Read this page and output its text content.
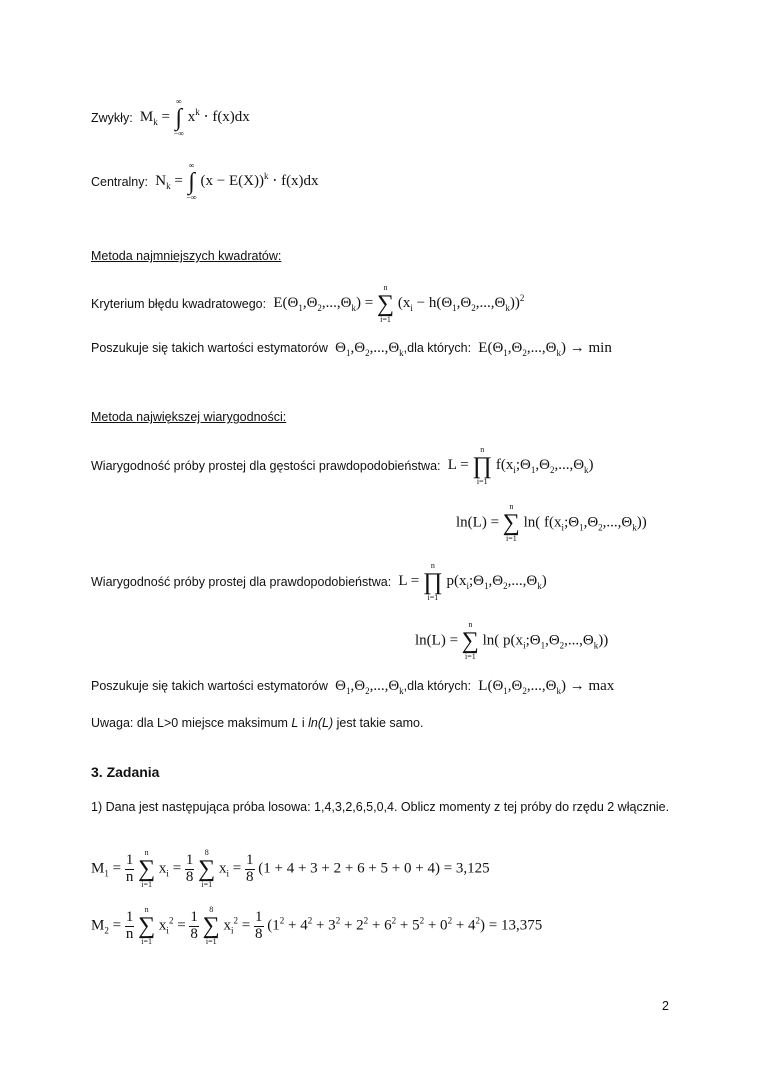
Zwykły:  $M_k$ =
∞
∫
−∞
$x^k \cdot f(x)dx$
Centralny:  $N_k$ =
∞
∫
−∞
$(x - E(X))^k \cdot f(x)dx$
Metoda najmniejszych kwadratów:
Kryterium błędu kwadratowego:  $E(\Theta_1,\Theta_2,...,\Theta_k)$ =
n
∑
i=1
$(x_i - h(\Theta_1,\Theta_2,...,\Theta_k))^2$
Poszukuje się takich wartości estymatorów  $\Theta_1,\Theta_2,...,\Theta_k,dla$ których:  $E(\Theta_1,\Theta_2,...,\Theta_k) \to \min$
Metoda największej wiarygodności:
Wiarygodność próby prostej dla gęstości prawdopodobieństwa:  L =
n
∏
i=1
$f(x_i;\Theta_1,\Theta_2,...,\Theta_k)$
ln(L) =
n
∑
i=1
ln( $f(x_i;\Theta_1,\Theta_2,...,\Theta_k)$)
Wiarygodność próby prostej dla prawdopodobieństwa:  L =
n
∏
i=1
$p(x_i;\Theta_1,\Theta_2,...,\Theta_k)$
ln(L) =
n
∑
i=1
ln( $p(x_i;\Theta_1,\Theta_2,...,\Theta_k)$)
Poszukuje się takich wartości estymatorów  $\Theta_1,\Theta_2,...,\Theta_k,dla$ których:  $L(\Theta_1,\Theta_2,...,\Theta_k) \to \max$
Uwaga: dla L>0 miejsce maksimum L i ln(L) jest takie samo.
3. Zadania
1) Dana jest następująca próba losowa: 1,4,3,2,6,5,0,4. Oblicz momenty z tej próby do rzędu 2 włącznie.
$M_1 = \frac{1}{n}$

n
∑
i=1
$x_i = \frac{1}{8}$

8
∑
i=1
$x_i = \frac{1}{8} (1 + 4 + 3 + 2 + 6 + 5 + 0 + 4) = 3,125$
$M_2 = \frac{1}{n}$

n
∑
i=1
$x_i^2 = \frac{1}{8}$

8
∑
i=1
$x_i^2 = \frac{1}{8} (1^2 + 4^2 + 3^2 + 2^2 + 6^2 + 5^2 + 0^2 + 4^2) = 13,375$
2
